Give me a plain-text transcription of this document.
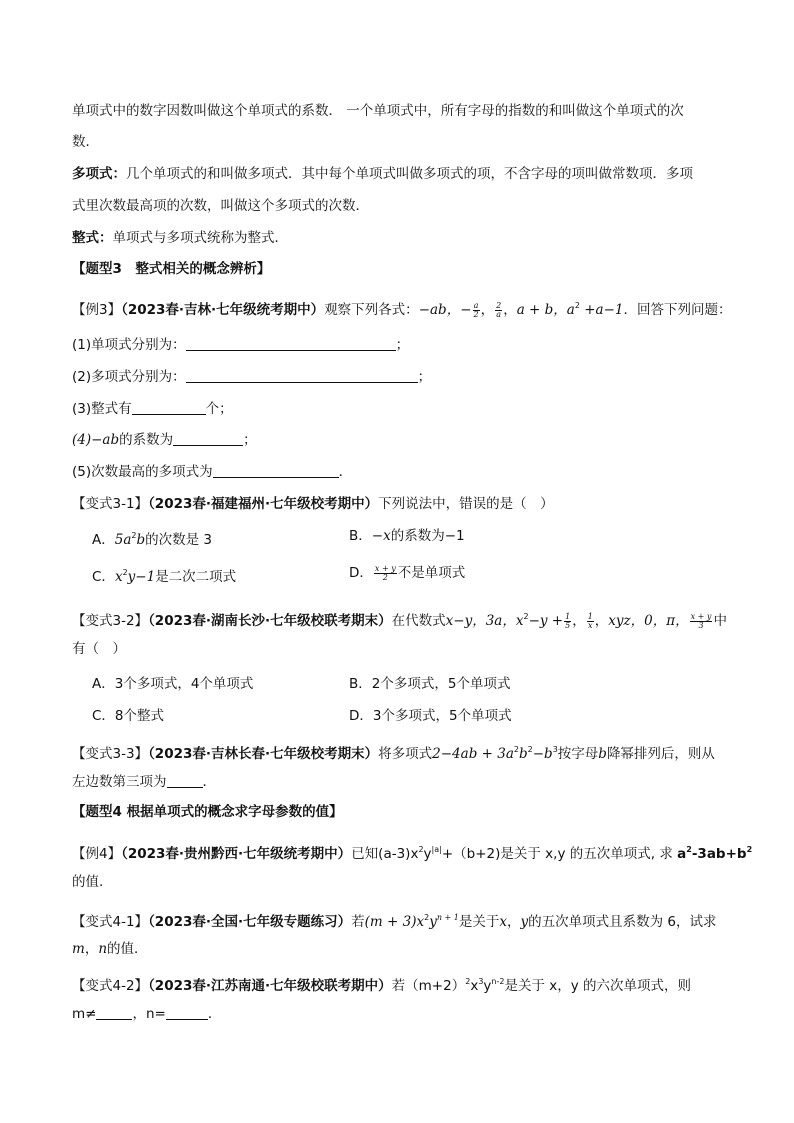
单项式中的数字因数叫做这个单项式的系数． 一个单项式中，所有字母的指数的和叫做这个单项式的次
数．
多项式：几个单项式的和叫做多项式．其中每个单项式叫做多项式的项，不含字母的项叫做常数项．多项
式里次数最高项的次数，叫做这个多项式的次数．
整式：单项式与多项式统称为整式．
【题型3　整式相关的概念辨析】
【例3】（2023春·吉林·七年级统考期中）观察下列各式：−ab，− $\frac{a}{2}$ ， $\frac{2}{a}$ ，a + b，$a^2 +a-1$．回答下列问题：
(1)单项式分别为：	；
(2)多项式分别为：	；
(3)整式有	个；
(4)−ab的系数为	；
(5)次数最高的多项式为	．
【变式3-1】（2023春·福建福州·七年级校考期中）下列说法中，错误的是（　）
A．$5a^2b$的次数是 3	B．−x的系数为−1
C．$x^2y-1$是二次二项式	D． $\frac{x + y}{2}$ 不是单项式
【变式3-2】（2023春·湖南长沙·七年级校联考期末）在代数式x−y，3a，$x^2-y + \frac{1}{5}$ ， $\frac{1}{x}$ ，xyz，0，π， $\frac{x + y}{3}$ 中
有（　）
A．3个多项式，4个单项式	B．2个多项式，5个单项式
C．8个整式	D．3个多项式，5个单项式
【变式3-3】（2023春·吉林长春·七年级校考期末）将多项式$2-4ab + 3a^2b^2-b^3$按字母b降幂排列后，则从
左边数第三项为	．
【题型4 根据单项式的概念求字母参数的值】
【例4】（2023春·贵州黔西·七年级统考期中）已知$(a-3)x^2y^{|a|}+(b+2)$是关于 x,y 的五次单项式, 求 $a^2-3ab+b^2$
的值.
【变式4-1】（2023春·全国·七年级专题练习）若$(m + 3)x^2y^{n + 1}$是关于x，y的五次单项式且系数为 6，试求
m，n的值．
【变式4-2】（2023春·江苏南通·七年级校联考期中）若$(m+2)^2x^3y^{n-2}$是关于 x，y 的六次单项式，则
m≠	，n=	．
